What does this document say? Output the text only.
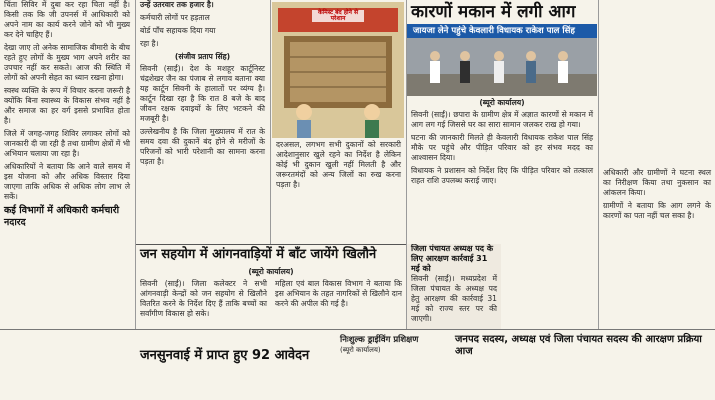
चिंता सिविर में दुबा कर रहा चिता नहीं है। किसी तक कि जी उपनर्स में आधिकारी को अपने नाम का कार्य करने जोने को भी मुख्य कर देने चाहिए हैं।
देखा जाए तो अनेक सामाजिक बीमारी के बीच रहते हुए लोगों के मुख्य भाग अपने शरीर का उपचार नहीं कर सकते। आज की स्थिति में लोगों को अपनी सेहत का ध्यान रखना होगा।
स्वस्थ व्यक्ति के रूप में विचार करना जरूरी है क्योंकि बिना स्वास्थ्य के विकास संभव नहीं है और समाज का हर वर्ग इससे प्रभावित होता है।
जिले में जगह-जगह शिविर लगाकर लोगों को जानकारी दी जा रही है तथा ग्रामीण क्षेत्रों में भी अभियान चलाया जा रहा है।
अधिकारियों ने बताया कि आने वाले समय में इस योजना को और अधिक विस्तार दिया जाएगा ताकि अधिक से अधिक लोग लाभ ले सकें।
कई विभागों में अधिकारी कर्मचारी नदारद
उन्हें उतरवार तक हजार है।
कर्मचारी लोगों पर हड़ताल
बोर्ड पाँच सहायक दिया गया
रहा है।
(संजीव प्रताप सिंह)
सिवनी (साईं)। देश के मशहूर कार्टूनिस्ट चंद्रशेखर जैन का पंजाब से लगाव बताना क्या यह कार्टून सिवनी के हालातों पर व्यंग्य है। कार्टून दिखा रहा है कि रात 8 बजे के बाद जीवन रक्षक दवाइयों के लिए भटकने की मजबूरी है।
उल्लेखनीय है कि जिला मुख्यालय में रात के समय दवा की दुकानें बंद होने से मरीजों के परिजनों को भारी परेशानी का सामना करना पड़ता है।
केमिस्ट बंद होने से परेशान
दरअसल, लगभग सभी दुकानों को सरकारी आदेशानुसार खुले रहने का निर्देश है लेकिन कोई भी दुकान खुली नहीं मिलती है और जरूरतमंदों को अन्य जिलों का रुख करना पड़ता है।
कारणों मकान में लगी आग
जायजा लेने पहुंचे केवलारी विधायक राकेश पाल सिंह
(ब्यूरो कार्यालय)
सिवनी (साईं)। छपारा के ग्रामीण क्षेत्र में अज्ञात कारणों से मकान में आग लग गई जिससे घर का सारा सामान जलकर राख हो गया।
घटना की जानकारी मिलते ही केवलारी विधायक राकेश पाल सिंह मौके पर पहुंचे और पीड़ित परिवार को हर संभव मदद का आश्वासन दिया।
विधायक ने प्रशासन को निर्देश दिए कि पीड़ित परिवार को तत्काल राहत राशि उपलब्ध कराई जाए।
अधिकारी और ग्रामीणों ने घटना स्थल का निरीक्षण किया तथा नुकसान का आंकलन किया।
ग्रामीणों ने बताया कि आग लगने के कारणों का पता नहीं चल सका है।
जन सहयोग में आंगनवाड़ियों में बाँट जायेंगे खिलौने
(ब्यूरो कार्यालय)
सिवनी (साईं)। जिला कलेक्टर ने सभी आंगनवाड़ी केन्द्रों को जन सहयोग से खिलौने वितरित करने के निर्देश दिए हैं ताकि बच्चों का सर्वांगीण विकास हो सके।
महिला एवं बाल विकास विभाग ने बताया कि इस अभियान के तहत नागरिकों से खिलौने दान करने की अपील की गई है।
जिला पंचायत अध्यक्ष पद के लिए आरक्षण कार्रवाई 31 मई को
सिवनी (साईं)। मध्यप्रदेश में जिला पंचायत के अध्यक्ष पद हेतु आरक्षण की कार्रवाई 31 मई को राज्य स्तर पर की जाएगी।
जनसुनवाई में प्राप्त हुए 92 आवेदन
निःशुल्क ड्राईविंग प्रशिक्षण
(ब्यूरो कार्यालय)
जनपद सदस्य, अध्यक्ष एवं जिला पंचायत सदस्य की आरक्षण प्रक्रिया आज
